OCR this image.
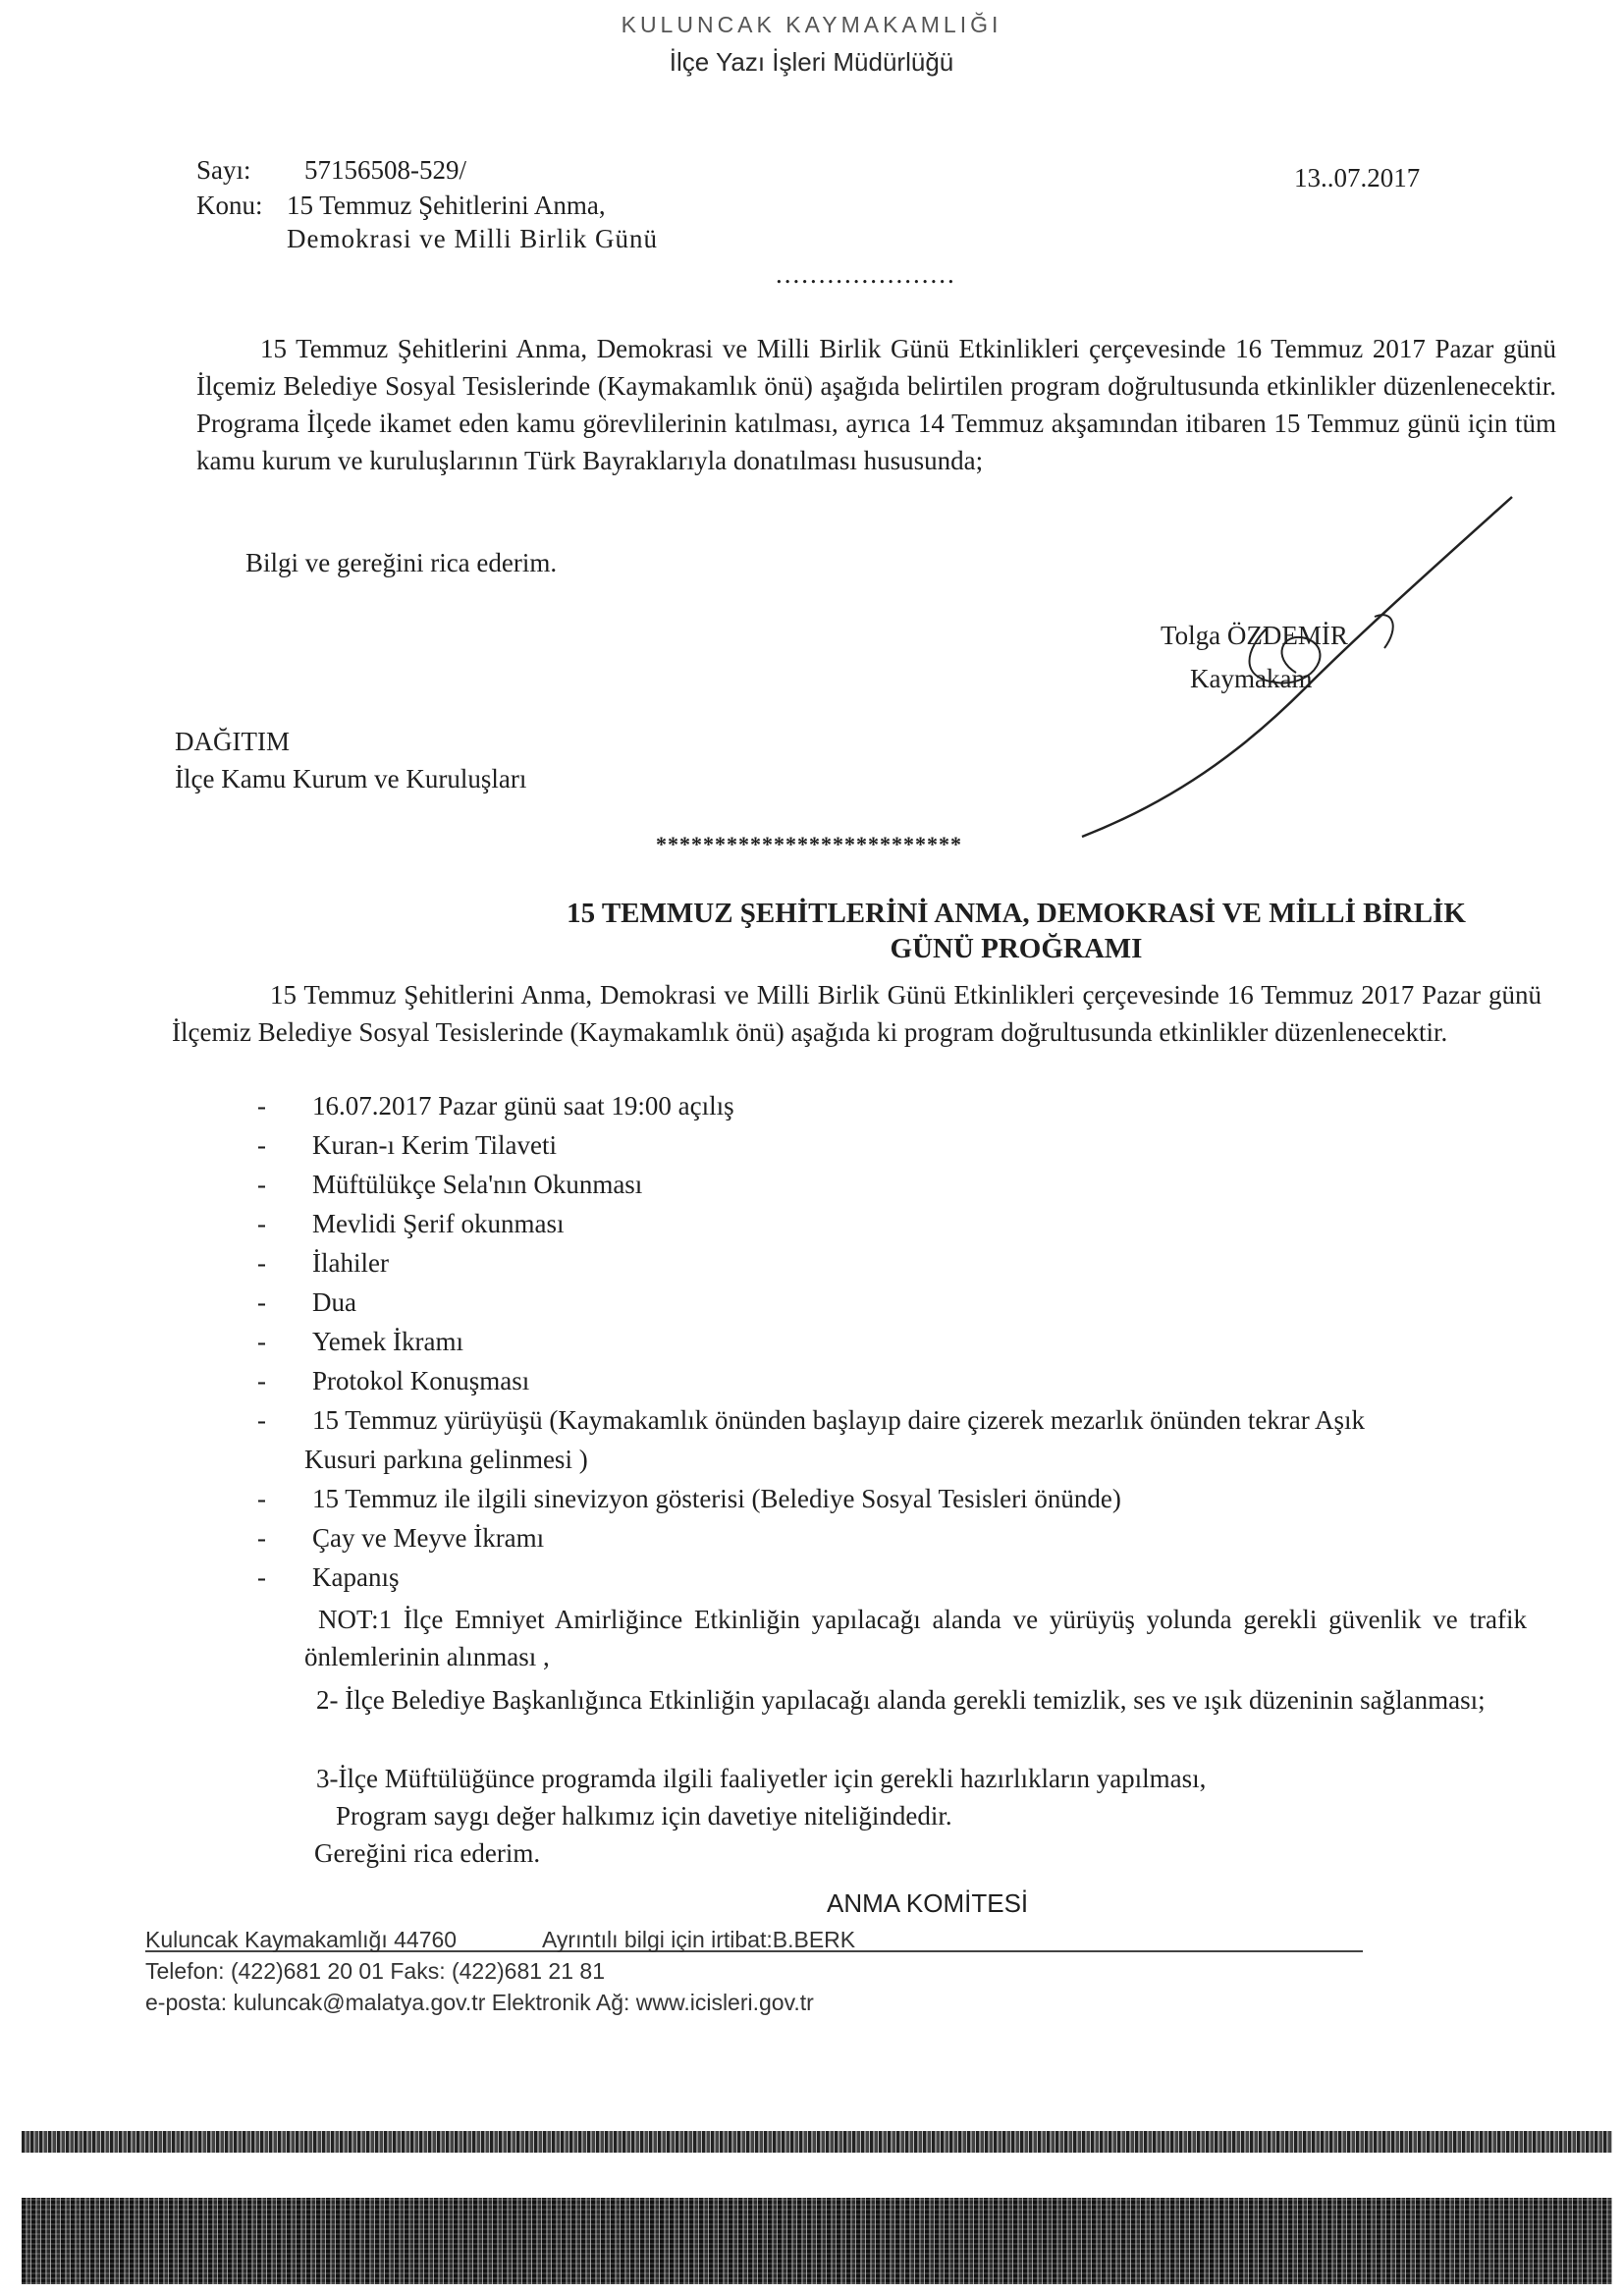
KULUNCAK KAYMAKAMLIĞI
İlçe Yazı İşleri Müdürlüğü
Sayı: 57156508-529/
Konu: 15 Temmuz Şehitlerini Anma,
Demokrasi ve Milli Birlik Günü
13..07.2017
.....................
15 Temmuz Şehitlerini Anma, Demokrasi ve Milli Birlik Günü Etkinlikleri çerçevesinde 16 Temmuz 2017 Pazar günü İlçemiz Belediye Sosyal Tesislerinde (Kaymakamlık önü) aşağıda belirtilen program doğrultusunda etkinlikler düzenlenecektir. Programa İlçede ikamet eden kamu görevlilerinin katılması, ayrıca 14 Temmuz akşamından itibaren 15 Temmuz günü için tüm kamu kurum ve kuruluşlarının Türk Bayraklarıyla donatılması hususunda;
Bilgi ve gereğini rica ederim.
Tolga ÖZDEMİR
Kaymakam
DAĞITIM
İlçe Kamu Kurum ve Kuruluşları
**************************
15 TEMMUZ ŞEHİTLERİNİ ANMA, DEMOKRASİ VE MİLLİ BİRLİK
GÜNÜ PROĞRAMI
15 Temmuz Şehitlerini Anma, Demokrasi ve Milli Birlik Günü Etkinlikleri çerçevesinde 16 Temmuz 2017 Pazar günü İlçemiz Belediye Sosyal Tesislerinde (Kaymakamlık önü) aşağıda ki program doğrultusunda etkinlikler düzenlenecektir.
- 16.07.2017 Pazar günü saat 19:00 açılış
- Kuran-ı Kerim Tilaveti
- Müftülükçe Sela'nın Okunması
- Mevlidi Şerif okunması
- İlahiler
- Dua
- Yemek İkramı
- Protokol Konuşması
- 15 Temmuz yürüyüşü (Kaymakamlık önünden başlayıp daire çizerek mezarlık önünden tekrar Aşık
Kusuri parkına gelinmesi )
- 15 Temmuz ile ilgili sinevizyon gösterisi (Belediye Sosyal Tesisleri önünde)
- Çay ve Meyve İkramı
- Kapanış
NOT:1 İlçe Emniyet Amirliğince Etkinliğin yapılacağı alanda ve yürüyüş yolunda gerekli güvenlik ve trafik önlemlerinin alınması ,
2- İlçe Belediye Başkanlığınca Etkinliğin yapılacağı alanda gerekli temizlik, ses ve ışık düzeninin sağlanması;
3-İlçe Müftülüğünce programda ilgili faaliyetler için gerekli hazırlıkların yapılması,
Program saygı değer halkımız için davetiye niteliğindedir.
Gereğini rica ederim.
ANMA KOMİTESİ
Kuluncak Kaymakamlığı 44760	Ayrıntılı bilgi için irtibat:B.BERK
Telefon: (422)681 20 01 Faks: (422)681 21 81
e-posta: kuluncak@malatya.gov.tr Elektronik Ağ: www.icisleri.gov.tr
